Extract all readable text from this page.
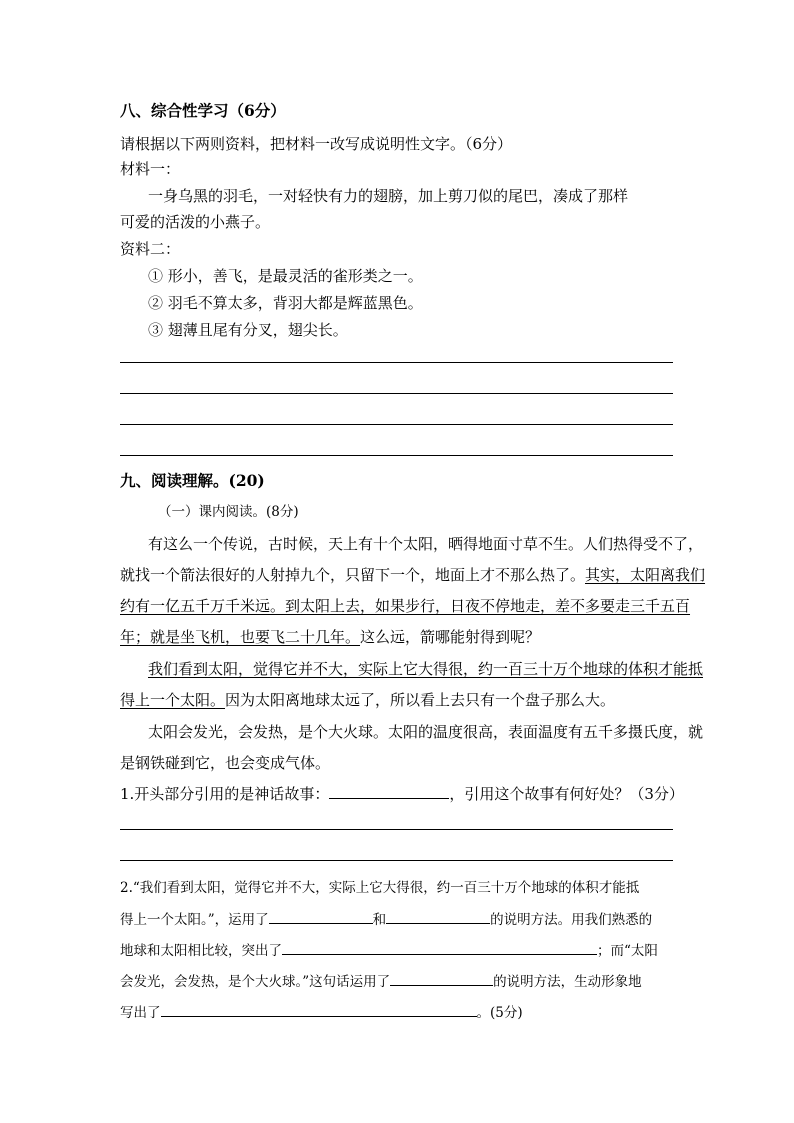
八、综合性学习（6分）
请根据以下两则资料，把材料一改写成说明性文字。（6分）
材料一：
一身乌黑的羽毛，一对轻快有力的翅膀，加上剪刀似的尾巴，凑成了那样
可爱的活泼的小燕子。
资料二：
① 形小，善飞，是最灵活的雀形类之一。
② 羽毛不算太多，背羽大都是辉蓝黑色。
③ 翅薄且尾有分叉，翅尖长。
九、阅读理解。(20)
（一）课内阅读。(8分)
有这么一个传说，古时候，天上有十个太阳，晒得地面寸草不生。人们热得受不了，
就找一个箭法很好的人射掉九个，只留下一个，地面上才不那么热了。其实，太阳离我们
约有一亿五千万千米远。到太阳上去，如果步行，日夜不停地走，差不多要走三千五百
年；就是坐飞机，也要飞二十几年。这么远，箭哪能射得到呢？
我们看到太阳，觉得它并不大，实际上它大得很，约一百三十万个地球的体积才能抵
得上一个太阳。因为太阳离地球太远了，所以看上去只有一个盘子那么大。
太阳会发光，会发热，是个大火球。太阳的温度很高，表面温度有五千多摄氏度，就
是钢铁碰到它，也会变成气体。
1.开头部分引用的是神话故事：	，引用这个故事有何好处？（3分）
2.“我们看到太阳，觉得它并不大，实际上它大得很，约一百三十万个地球的体积才能抵
得上一个太阳。”，运用了	和	的说明方法。用我们熟悉的
地球和太阳相比较，突出了	；而“太阳
会发光，会发热，是个大火球。”这句话运用了	的说明方法，生动形象地
写出了	。(5分)
